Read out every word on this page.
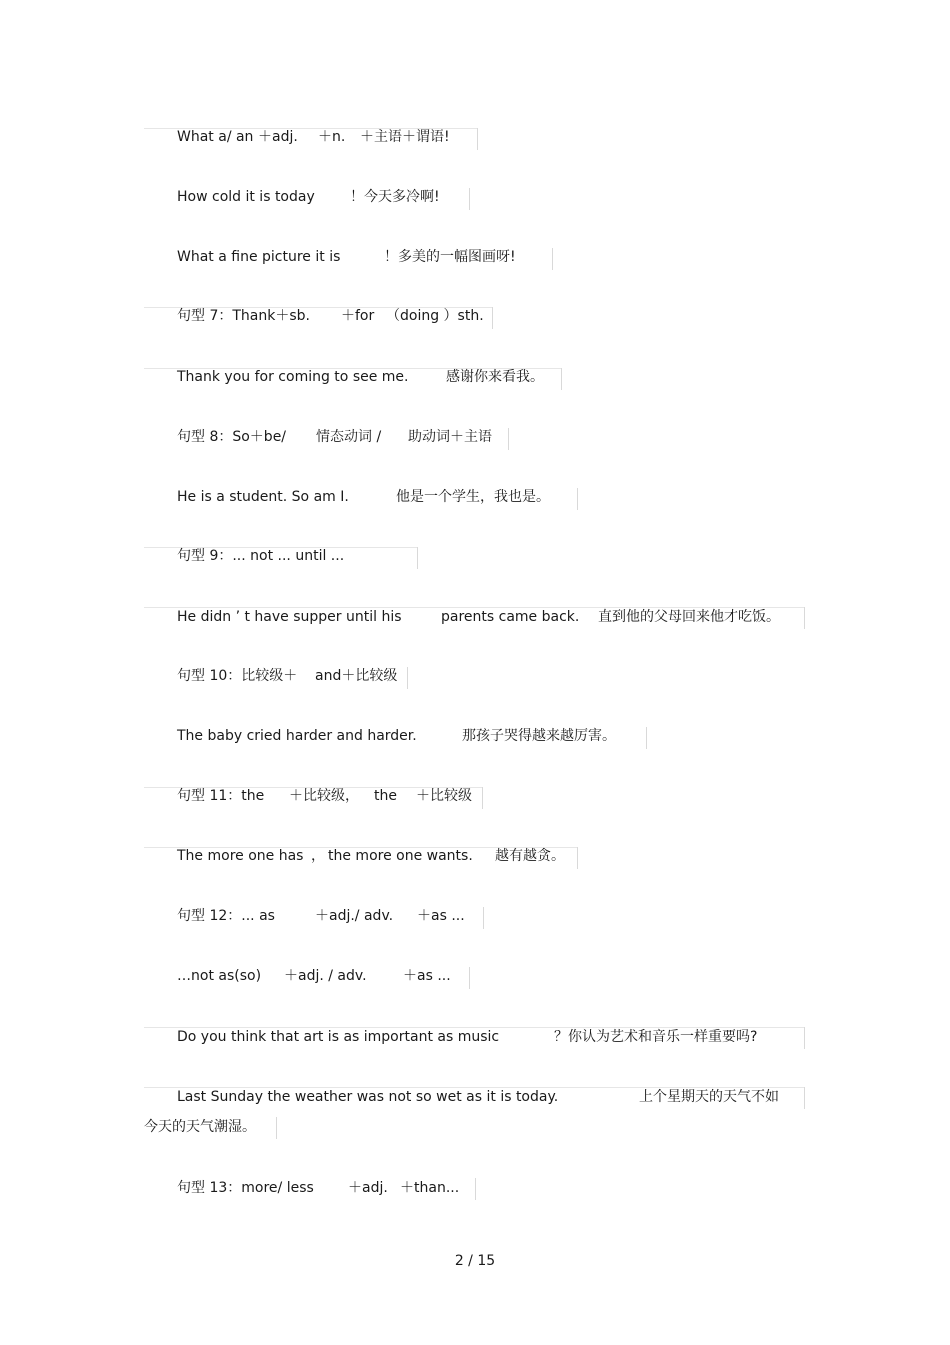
What a/ an ＋adj. ＋n. ＋主语＋谓语!
How cold it is today	！今天多冷啊!
What a fine picture it is	！多美的一幅图画呀!
句型 7：Thank＋sb. ＋for （doing ）sth.
Thank you for coming to see me.	感谢你来看我。
句型 8：So＋be/ 情态动词 / 助动词＋主语
He is a student. So am I.	他是一个学生，我也是。
句型 9：... not ... until ...
He didn ’ t have supper until his	parents came back. 直到他的父母回来他才吃饭。
句型 10：比较级＋ and＋比较级
The baby cried harder and harder.	那孩子哭得越来越厉害。
句型 11：the ＋比较级， the ＋比较级
The more one has ， the more one wants. 越有越贪。
句型 12：... as	＋adj./ adv. ＋as ...
…not as(so) ＋adj. / adv.	＋as ...
Do you think that art is as important as music	？你认为艺术和音乐一样重要吗?
Last Sunday the weather was not so wet as it is today.	上个星期天的天气不如
今天的天气潮湿。
句型 13：more/ less ＋adj. ＋than...
2 / 15
